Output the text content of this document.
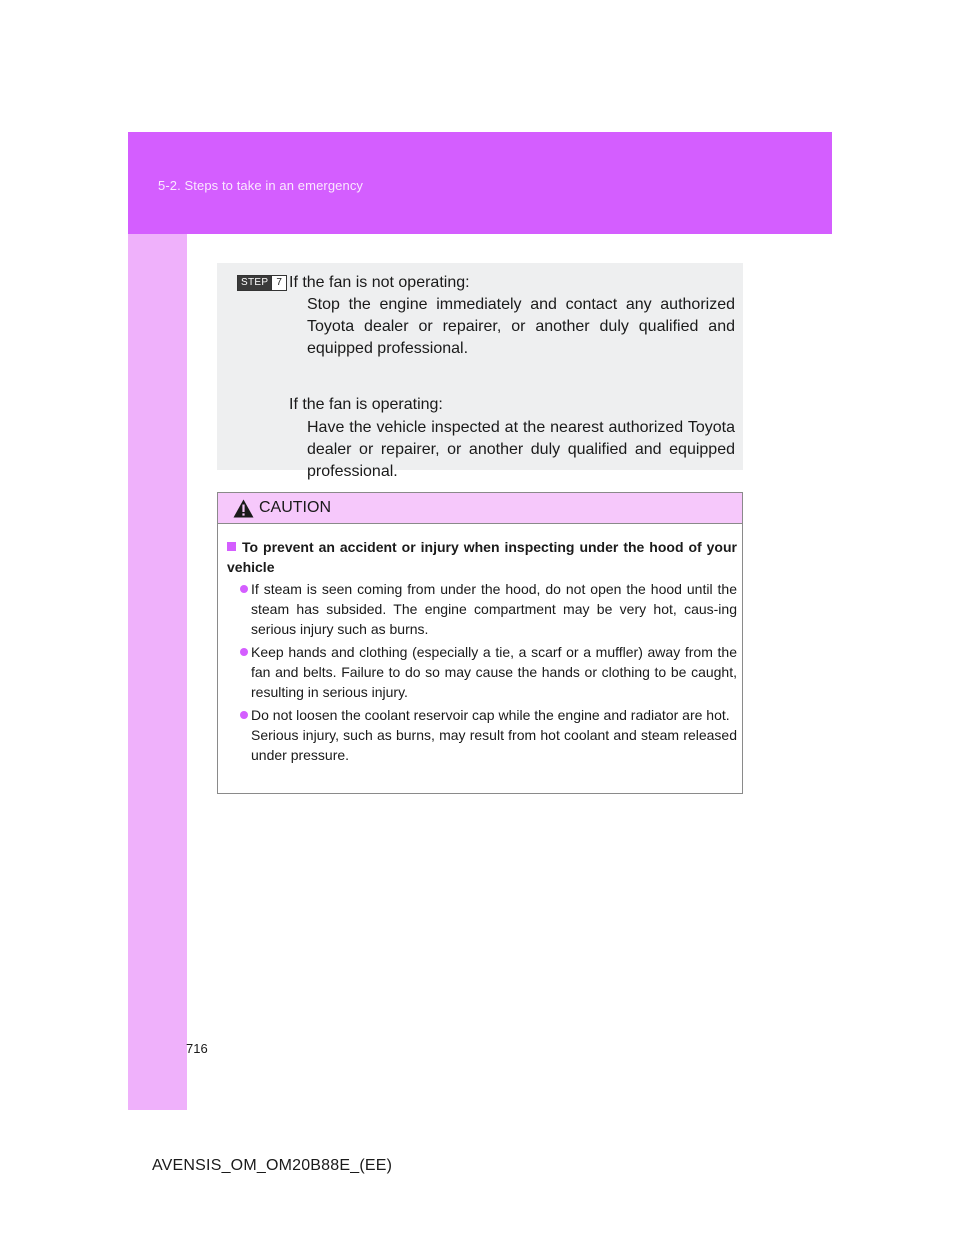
5-2. Steps to take in an emergency
STEP 7 If the fan is not operating:
Stop the engine immediately and contact any authorized Toyota dealer or repairer, or another duly qualified and equipped professional.
If the fan is operating:
Have the vehicle inspected at the nearest authorized Toyota dealer or repairer, or another duly qualified and equipped professional.
CAUTION
To prevent an accident or injury when inspecting under the hood of your vehicle
If steam is seen coming from under the hood, do not open the hood until the steam has subsided. The engine compartment may be very hot, caus-ing serious injury such as burns.
Keep hands and clothing (especially a tie, a scarf or a muffler) away from the fan and belts. Failure to do so may cause the hands or clothing to be caught, resulting in serious injury.
Do not loosen the coolant reservoir cap while the engine and radiator are hot.
Serious injury, such as burns, may result from hot coolant and steam released under pressure.
716
AVENSIS_OM_OM20B88E_(EE)
